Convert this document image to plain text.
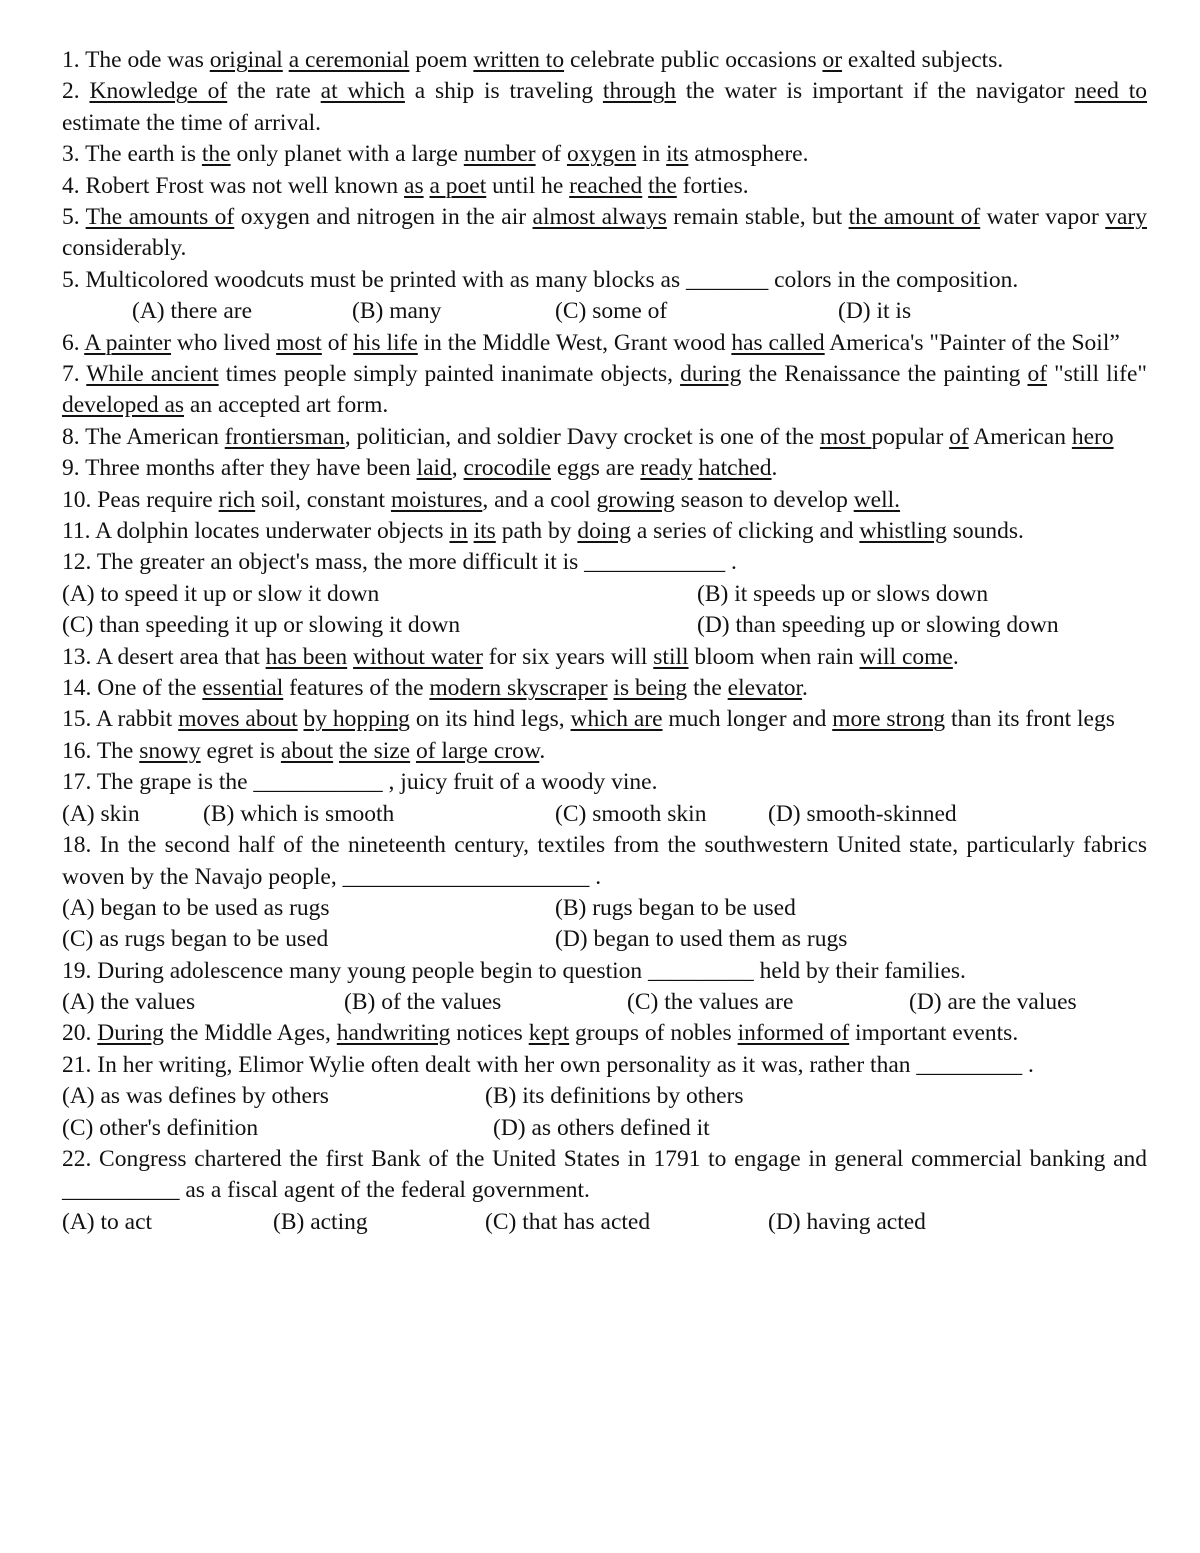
1. The ode was original a ceremonial poem written to celebrate public occasions or exalted subjects.

2. Knowledge of the rate at which a ship is traveling through the water is important if the navigator need to estimate the time of arrival.

3. The earth is the only planet with a large number of oxygen in its atmosphere.

4. Robert Frost was not well known as a poet until he reached the forties.

5. The amounts of oxygen and nitrogen in the air almost always remain stable, but the amount of water vapor vary considerably.

5. Multicolored woodcuts must be printed with as many blocks as _______ colors in the composition.

(A) there are	(B) many	(C) some of	(D) it is

6. A painter who lived most of his life in the Middle West, Grant wood has called America's "Painter of the Soil”

7. While ancient times people simply painted inanimate objects, during the Renaissance the painting of "still life" developed as an accepted art form.

8. The American frontiersman, politician, and soldier Davy crocket is one of the most popular of American hero

9. Three months after they have been laid, crocodile eggs are ready hatched.

10. Peas require rich soil, constant moistures, and a cool growing season to develop well.

11. A dolphin locates underwater objects in its path by doing a series of clicking and whistling sounds.

12. The greater an object's mass, the more difficult it is ____________ .

(A) to speed it up or slow it down	(B) it speeds up or slows down
(C) than speeding it up or slowing it down	(D) than speeding up or slowing down

13. A desert area that has been without water for six years will still bloom when rain will come.

14. One of the essential features of the modern skyscraper is being the elevator.

15. A rabbit moves about by hopping on its hind legs, which are much longer and more strong than its front legs

16. The snowy egret is about the size of large crow.

17. The grape is the ___________ , juicy fruit of a woody vine.

(A) skin	(B) which is smooth	(C) smooth skin	(D) smooth-skinned

18. In the second half of the nineteenth century, textiles from the southwestern United state, particularly fabrics woven by the Navajo people, _____________________ .

(A) began to be used as rugs	(B) rugs began to be used
(C) as rugs began to be used	(D) began to used them as rugs

19. During adolescence many young people begin to question _________ held by their families.

(A) the values	(B) of the values	(C) the values are	(D) are the values

20. During the Middle Ages, handwriting notices kept groups of nobles informed of important events.

21. In her writing, Elimor Wylie often dealt with her own personality as it was, rather than _________ .

(A) as was defines by others	(B) its definitions by others
(C) other's definition	(D) as others defined it

22. Congress chartered the first Bank of the United States in 1791 to engage in general commercial banking and __________ as a fiscal agent of the federal government.

(A) to act	(B) acting	(C) that has acted	(D) having acted
